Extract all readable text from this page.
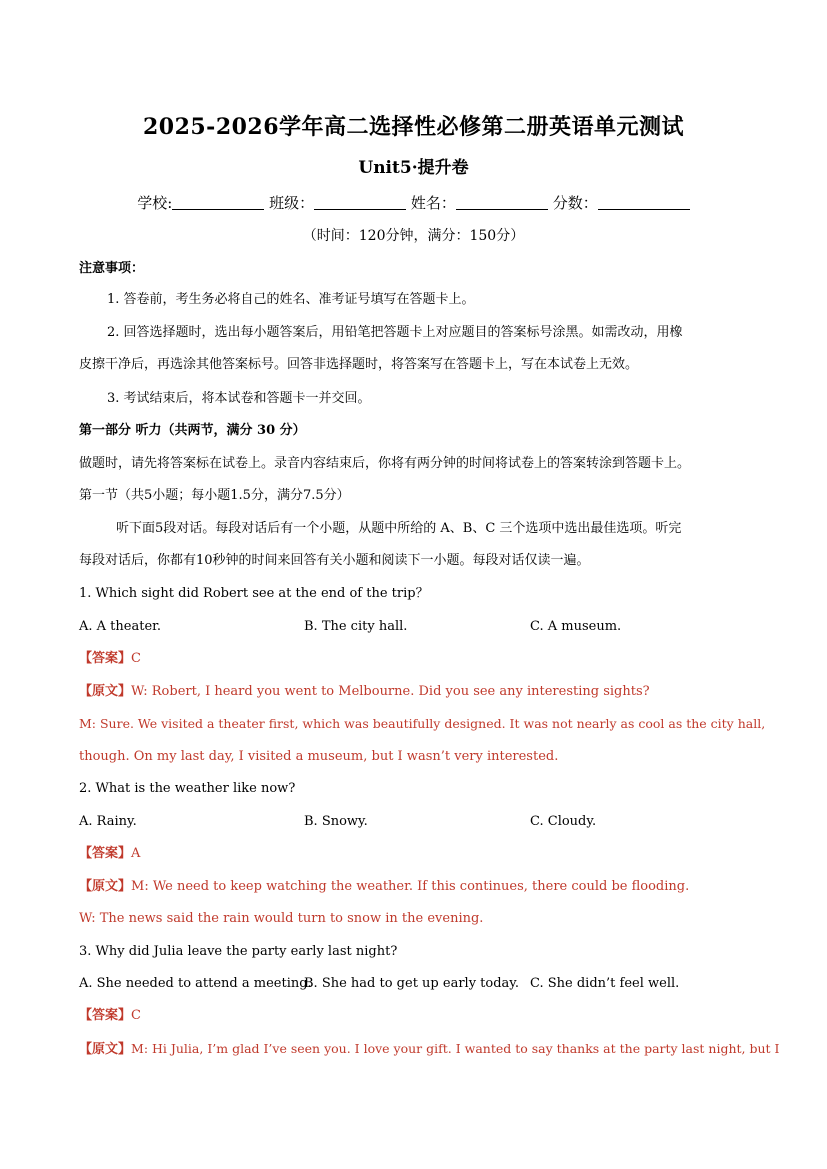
2025-2026学年高二选择性必修第二册英语单元测试
Unit5·提升卷
学校:	班级：	姓名：	分数：
（时间：120分钟，满分：150分）
注意事项：
1. 答卷前，考生务必将自己的姓名、准考证号填写在答题卡上。
2. 回答选择题时，选出每小题答案后，用铅笔把答题卡上对应题目的答案标号涂黑。如需改动，用橡
皮擦干净后，再选涂其他答案标号。回答非选择题时，将答案写在答题卡上，写在本试卷上无效。
3. 考试结束后，将本试卷和答题卡一并交回。
第一部分 听力（共两节，满分 30 分）
做题时，请先将答案标在试卷上。录音内容结束后，你将有两分钟的时间将试卷上的答案转涂到答题卡上。
第一节（共5小题；每小题1.5分，满分7.5分）
听下面5段对话。每段对话后有一个小题，从题中所给的 A、B、C 三个选项中选出最佳选项。听完
每段对话后，你都有10秒钟的时间来回答有关小题和阅读下一小题。每段对话仅读一遍。
1. Which sight did Robert see at the end of the trip？
A. A theater.	B. The city hall.	C. A museum.
【答案】C
【原文】W: Robert, I heard you went to Melbourne. Did you see any interesting sights?
M: Sure. We visited a theater first, which was beautifully designed. It was not nearly as cool as the city hall,
though. On my last day, I visited a museum, but I wasn’t very interested.
2. What is the weather like now?
A. Rainy.	B. Snowy.	C. Cloudy.
【答案】A
【原文】M: We need to keep watching the weather. If this continues, there could be flooding.
W: The news said the rain would turn to snow in the evening.
3. Why did Julia leave the party early last night?
A. She needed to attend a meeting.
B. She had to get up early today. C. She didn’t feel well.
【答案】C
【原文】M: Hi Julia, I’m glad I’ve seen you. I love your gift. I wanted to say thanks at the party last night, but I
